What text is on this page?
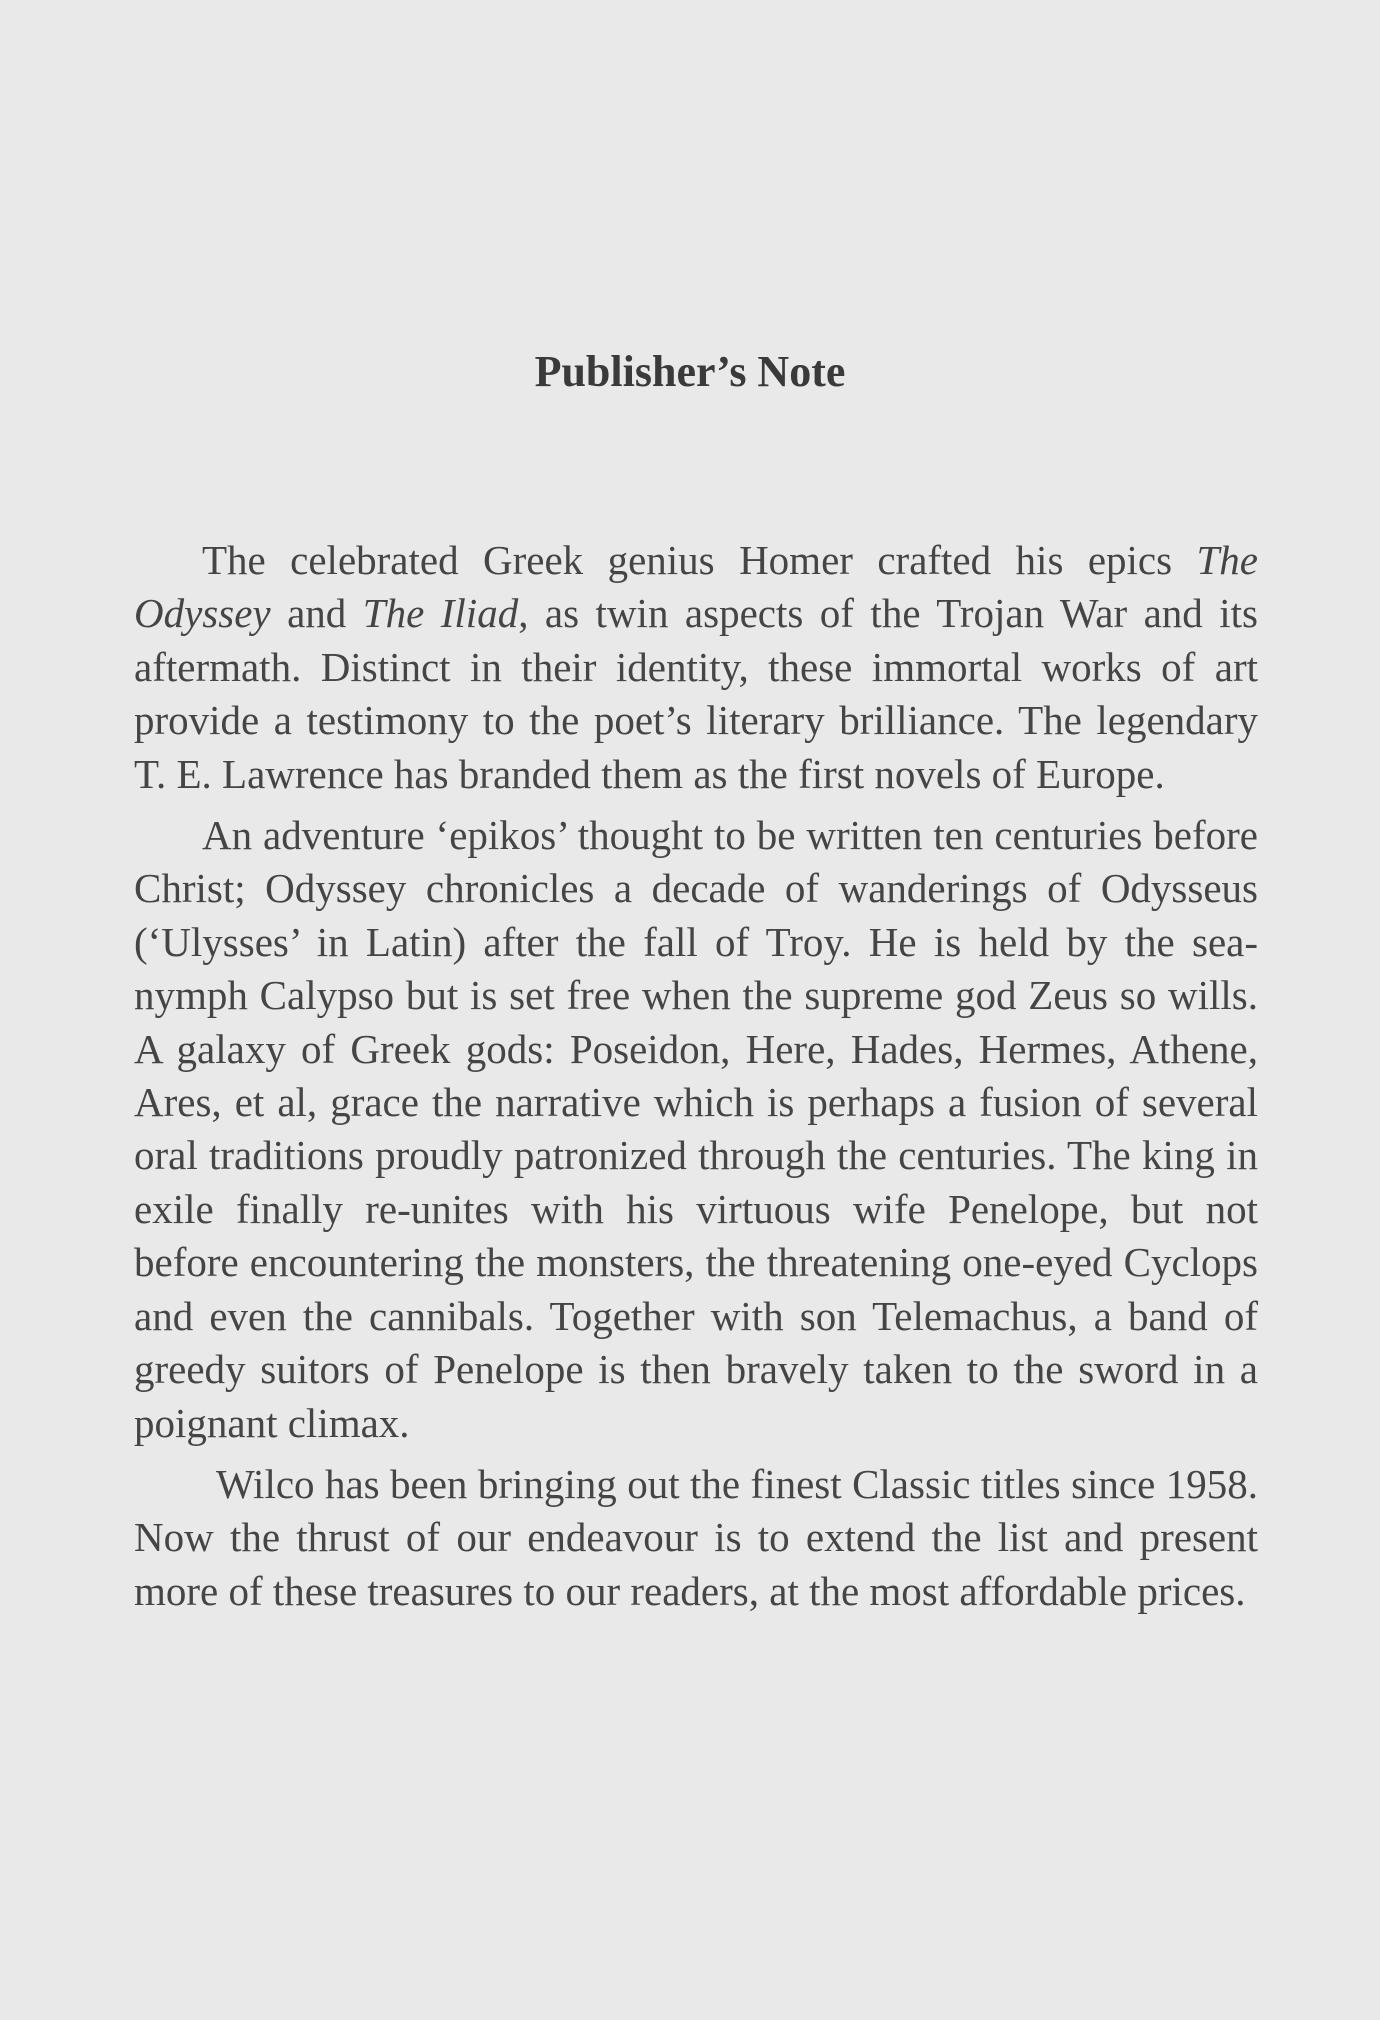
Publisher’s Note

The celebrated Greek genius Homer crafted his epics The Odyssey and The Iliad, as twin aspects of the Trojan War and its aftermath. Distinct in their identity, these immortal works of art provide a testimony to the poet’s literary brilliance. The legendary T. E. Lawrence has branded them as the first novels of Europe.

An adventure ‘epikos’ thought to be written ten centuries before Christ; Odyssey chronicles a decade of wanderings of Odysseus (‘Ulysses’ in Latin) after the fall of Troy. He is held by the sea-nymph Calypso but is set free when the supreme god Zeus so wills. A galaxy of Greek gods: Poseidon, Here, Hades, Hermes, Athene, Ares, et al, grace the narrative which is perhaps a fusion of several oral traditions proudly patronized through the centuries. The king in exile finally re-unites with his virtuous wife Penelope, but not before encountering the monsters, the threatening one-eyed Cyclops and even the cannibals. Together with son Telemachus, a band of greedy suitors of Penelope is then bravely taken to the sword in a poignant climax.

Wilco has been bringing out the finest Classic titles since 1958. Now the thrust of our endeavour is to extend the list and present more of these treasures to our readers, at the most affordable prices.
